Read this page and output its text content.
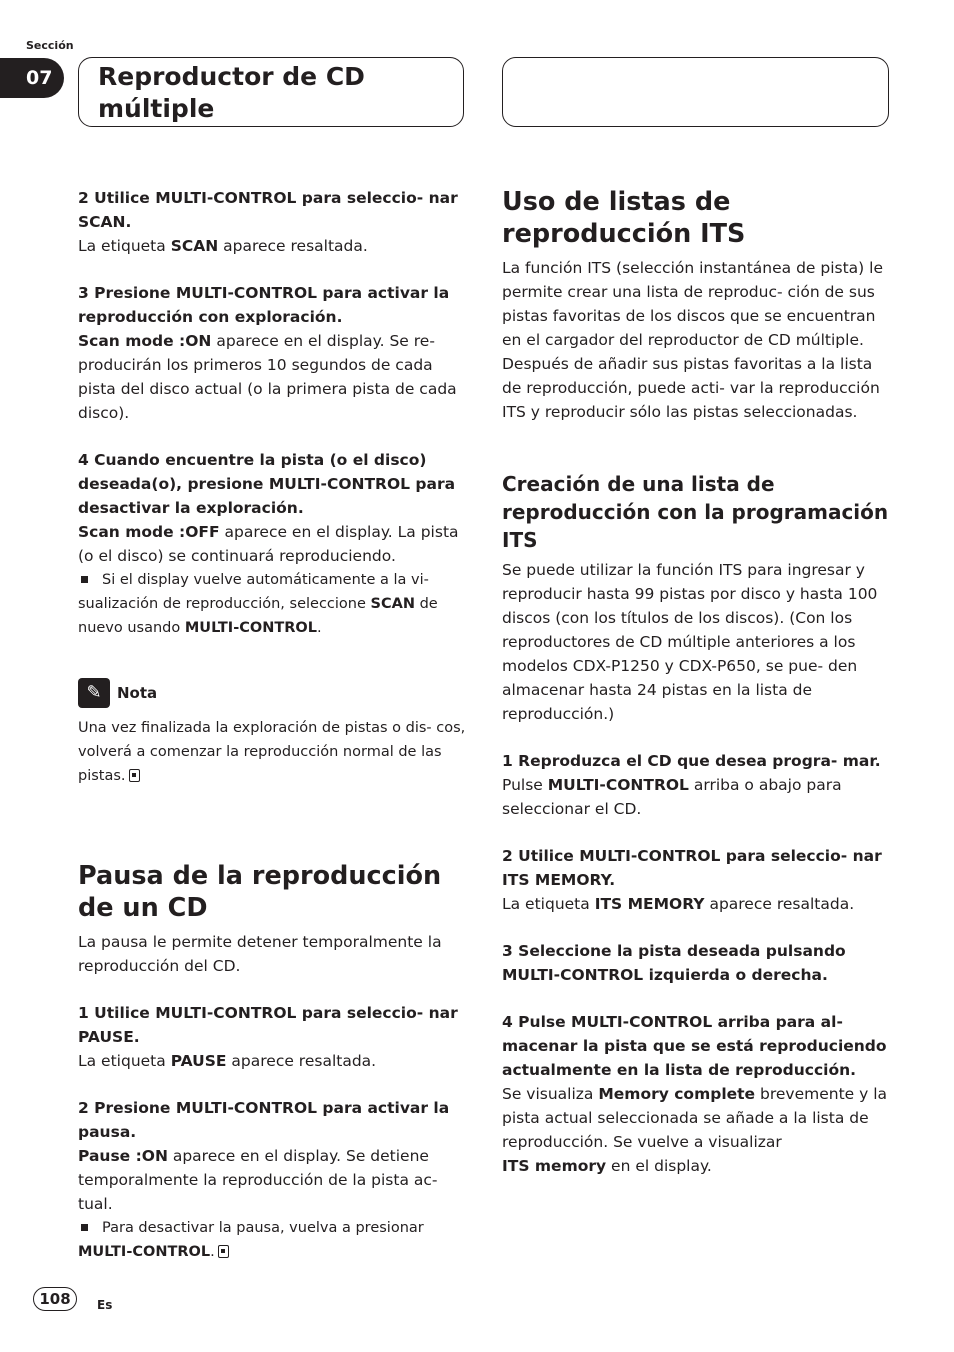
Sección
07	Reproductor de CD múltiple

2 Utilice MULTI-CONTROL para seleccio- nar SCAN.

La etiqueta SCAN aparece resaltada.

3 Presione MULTI-CONTROL para activar la reproducción con exploración.

Scan mode :ON aparece en el display. Se re- producirán los primeros 10 segundos de cada pista del disco actual (o la primera pista de cada disco).

4 Cuando encuentre la pista (o el disco) deseada(o), presione MULTI-CONTROL para desactivar la exploración.

Scan mode :OFF aparece en el display. La pista (o el disco) se continuará reproduciendo.

Si el display vuelve automáticamente a la vi- sualización de reproducción, seleccione SCAN de nuevo usando MULTI-CONTROL.

✎	Nota

Una vez finalizada la exploración de pistas o dis- cos, volverá a comenzar la reproducción normal de las pistas.

Pausa de la reproducción de un CD

La pausa le permite detener temporalmente la reproducción del CD.

1 Utilice MULTI-CONTROL para seleccio- nar PAUSE.

La etiqueta PAUSE aparece resaltada.

2 Presione MULTI-CONTROL para activar la pausa.

Pause :ON aparece en el display. Se detiene temporalmente la reproducción de la pista ac- tual.

Para desactivar la pausa, vuelva a presionar
MULTI-CONTROL.

Uso de listas de reproducción ITS

La función ITS (selección instantánea de pista) le permite crear una lista de reproduc- ción de sus pistas favoritas de los discos que se encuentran en el cargador del reproductor de CD múltiple. Después de añadir sus pistas favoritas a la lista de reproducción, puede acti- var la reproducción ITS y reproducir sólo las pistas seleccionadas.

Creación de una lista de reproducción con la programación ITS

Se puede utilizar la función ITS para ingresar y reproducir hasta 99 pistas por disco y hasta 100 discos (con los títulos de los discos). (Con los reproductores de CD múltiple anteriores a los modelos CDX-P1250 y CDX-P650, se pue- den almacenar hasta 24 pistas en la lista de reproducción.)

1 Reproduzca el CD que desea progra- mar.

Pulse MULTI-CONTROL arriba o abajo para seleccionar el CD.

2 Utilice MULTI-CONTROL para seleccio- nar ITS MEMORY.

La etiqueta ITS MEMORY aparece resaltada.

3 Seleccione la pista deseada pulsando MULTI-CONTROL izquierda o derecha.

4 Pulse MULTI-CONTROL arriba para al- macenar la pista que se está reproduciendo actualmente en la lista de reproducción.

Se visualiza Memory complete brevemente y la pista actual seleccionada se añade a la lista de reproducción. Se vuelve a visualizar
ITS memory en el display.

108	Es
